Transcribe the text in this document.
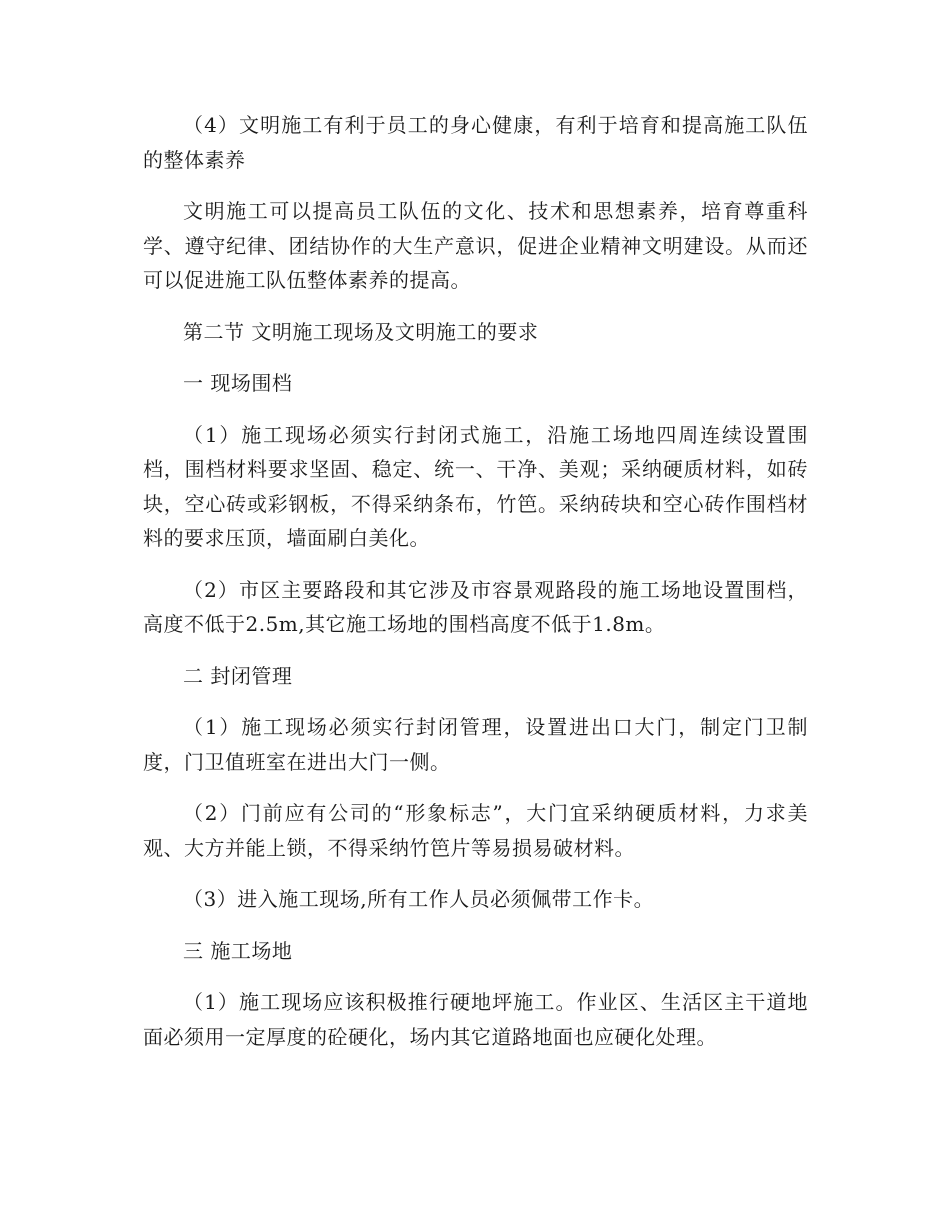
（4）文明施工有利于员工的身心健康，有利于培育和提高施工队伍的整体素养

文明施工可以提高员工队伍的文化、技术和思想素养，培育尊重科学、遵守纪律、团结协作的大生产意识，促进企业精神文明建设。从而还可以促进施工队伍整体素养的提高。

第二节 文明施工现场及文明施工的要求

一 现场围档

（1）施工现场必须实行封闭式施工，沿施工场地四周连续设置围档，围档材料要求坚固、稳定、统一、干净、美观；采纳硬质材料，如砖块，空心砖或彩钢板，不得采纳条布，竹笆。采纳砖块和空心砖作围档材料的要求压顶，墙面刷白美化。

（2）市区主要路段和其它涉及市容景观路段的施工场地设置围档，高度不低于2.5m,其它施工场地的围档高度不低于1.8m。

二 封闭管理

（1）施工现场必须实行封闭管理，设置进出口大门，制定门卫制度，门卫值班室在进出大门一侧。

（2）门前应有公司的“形象标志”，大门宜采纳硬质材料，力求美观、大方并能上锁，不得采纳竹笆片等易损易破材料。

（3）进入施工现场,所有工作人员必须佩带工作卡。

三 施工场地

（1）施工现场应该积极推行硬地坪施工。作业区、生活区主干道地面必须用一定厚度的砼硬化，场内其它道路地面也应硬化处理。
